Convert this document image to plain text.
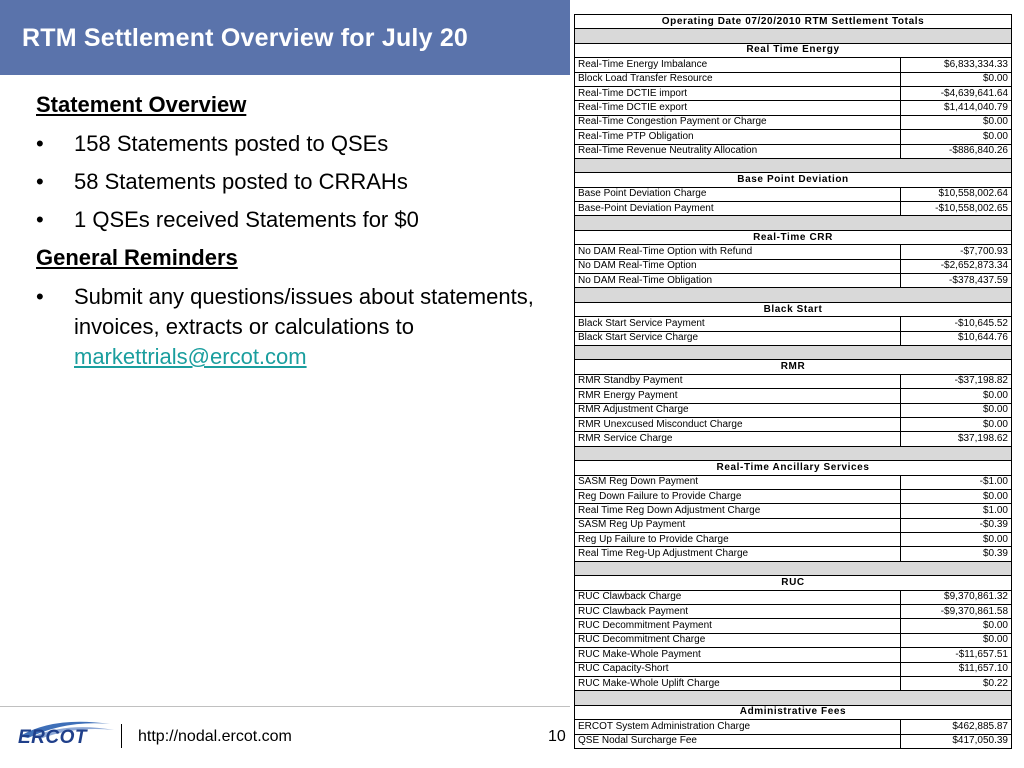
RTM Settlement Overview for July 20
Statement Overview
• 158 Statements posted to QSEs
• 58 Statements posted to CRRAHs
• 1 QSEs received Statements for $0
General Reminders
• Submit any questions/issues about statements, invoices, extracts or calculations to markettrials@ercot.com
Operating Date 07/20/2010 RTM Settlement Totals	

Real Time Energy	
Real-Time Energy Imbalance	$6,833,334.33
Block Load Transfer Resource	$0.00
Real-Time DCTIE import	-$4,639,641.64
Real-Time DCTIE export	$1,414,040.79
Real-Time Congestion Payment or Charge	$0.00
Real-Time PTP Obligation	$0.00
Real-Time Revenue Neutrality Allocation	-$886,840.26

Base Point Deviation	
Base Point Deviation Charge	$10,558,002.64
Base-Point Deviation Payment	-$10,558,002.65

Real-Time CRR	
No DAM Real-Time Option with Refund	-$7,700.93
No DAM Real-Time Option	-$2,652,873.34
No DAM Real-Time Obligation	-$378,437.59

Black Start	
Black Start Service Payment	-$10,645.52
Black Start Service Charge	$10,644.76

RMR	
RMR Standby Payment	-$37,198.82
RMR Energy Payment	$0.00
RMR Adjustment Charge	$0.00
RMR Unexcused Misconduct Charge	$0.00
RMR Service Charge	$37,198.62

Real-Time Ancillary Services	
SASM Reg Down Payment	-$1.00
Reg Down Failure to Provide Charge	$0.00
Real Time Reg Down Adjustment Charge	$1.00
SASM Reg Up Payment	-$0.39
Reg Up Failure to Provide Charge	$0.00
Real Time Reg-Up Adjustment Charge	$0.39

RUC	
RUC Clawback Charge	$9,370,861.32
RUC Clawback Payment	-$9,370,861.58
RUC Decommitment Payment	$0.00
RUC Decommitment Charge	$0.00
RUC Make-Whole Payment	-$11,657.51
RUC Capacity-Short	$11,657.10
RUC Make-Whole Uplift Charge	$0.22

Administrative Fees	
ERCOT System Administration Charge	$462,885.87
QSE Nodal Surcharge Fee	$417,050.39
ERCOT	http://nodal.ercot.com	10
